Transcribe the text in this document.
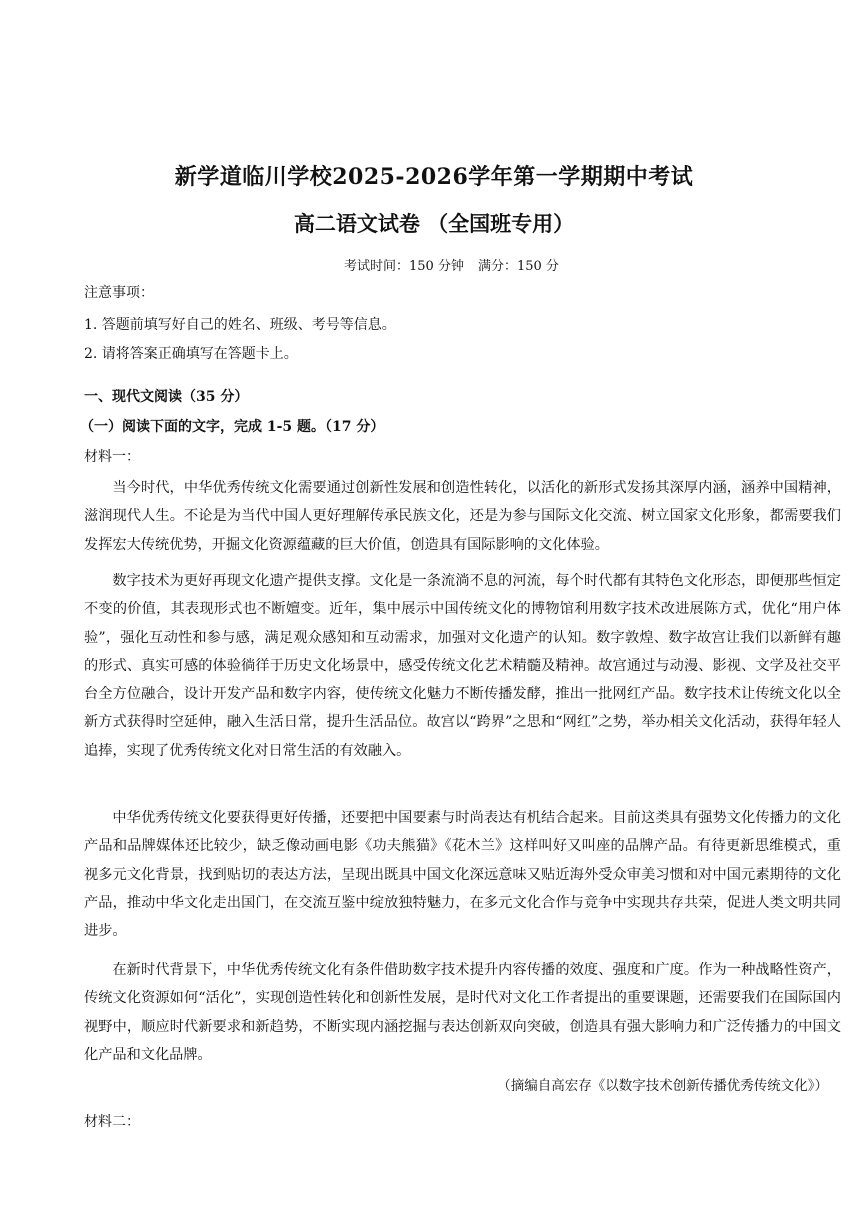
新学道临川学校2025-2026学年第一学期期中考试
高二语文试卷 （全国班专用）
考试时间：150 分钟 满分：150 分
注意事项：
1. 答题前填写好自己的姓名、班级、考号等信息。
2. 请将答案正确填写在答题卡上。
一、现代文阅读（35 分）
（一）阅读下面的文字，完成 1-5 题。（17 分）
材料一：

当今时代，中华优秀传统文化需要通过创新性发展和创造性转化，以活化的新形式发扬其深厚内涵，涵养中国精神，滋润现代人生。不论是为当代中国人更好理解传承民族文化，还是为参与国际文化交流、树立国家文化形象，都需要我们发挥宏大传统优势，开掘文化资源蕴藏的巨大价值，创造具有国际影响的文化体验。

数字技术为更好再现文化遗产提供支撑。文化是一条流淌不息的河流，每个时代都有其特色文化形态，即便那些恒定不变的价值，其表现形式也不断嬗变。近年，集中展示中国传统文化的博物馆利用数字技术改进展陈方式，优化“用户体验”，强化互动性和参与感，满足观众感知和互动需求，加强对文化遗产的认知。数字敦煌、数字故宫让我们以新鲜有趣的形式、真实可感的体验徜徉于历史文化场景中，感受传统文化艺术精髓及精神。故宫通过与动漫、影视、文学及社交平台全方位融合，设计开发产品和数字内容，使传统文化魅力不断传播发酵，推出一批网红产品。数字技术让传统文化以全新方式获得时空延伸，融入生活日常，提升生活品位。故宫以“跨界”之思和“网红”之势，举办相关文化活动，获得年轻人追捧，实现了优秀传统文化对日常生活的有效融入。

中华优秀传统文化要获得更好传播，还要把中国要素与时尚表达有机结合起来。目前这类具有强势文化传播力的文化产品和品牌媒体还比较少，缺乏像动画电影《功夫熊猫》《花木兰》这样叫好又叫座的品牌产品。有待更新思维模式，重视多元文化背景，找到贴切的表达方法，呈现出既具中国文化深远意味又贴近海外受众审美习惯和对中国元素期待的文化产品，推动中华文化走出国门，在交流互鉴中绽放独特魅力，在多元文化合作与竞争中实现共存共荣，促进人类文明共同进步。

在新时代背景下，中华优秀传统文化有条件借助数字技术提升内容传播的效度、强度和广度。作为一种战略性资产，传统文化资源如何“活化”，实现创造性转化和创新性发展，是时代对文化工作者提出的重要课题，还需要我们在国际国内视野中，顺应时代新要求和新趋势，不断实现内涵挖掘与表达创新双向突破，创造具有强大影响力和广泛传播力的中国文化产品和文化品牌。

（摘编自高宏存《以数字技术创新传播优秀传统文化》）
材料二：
